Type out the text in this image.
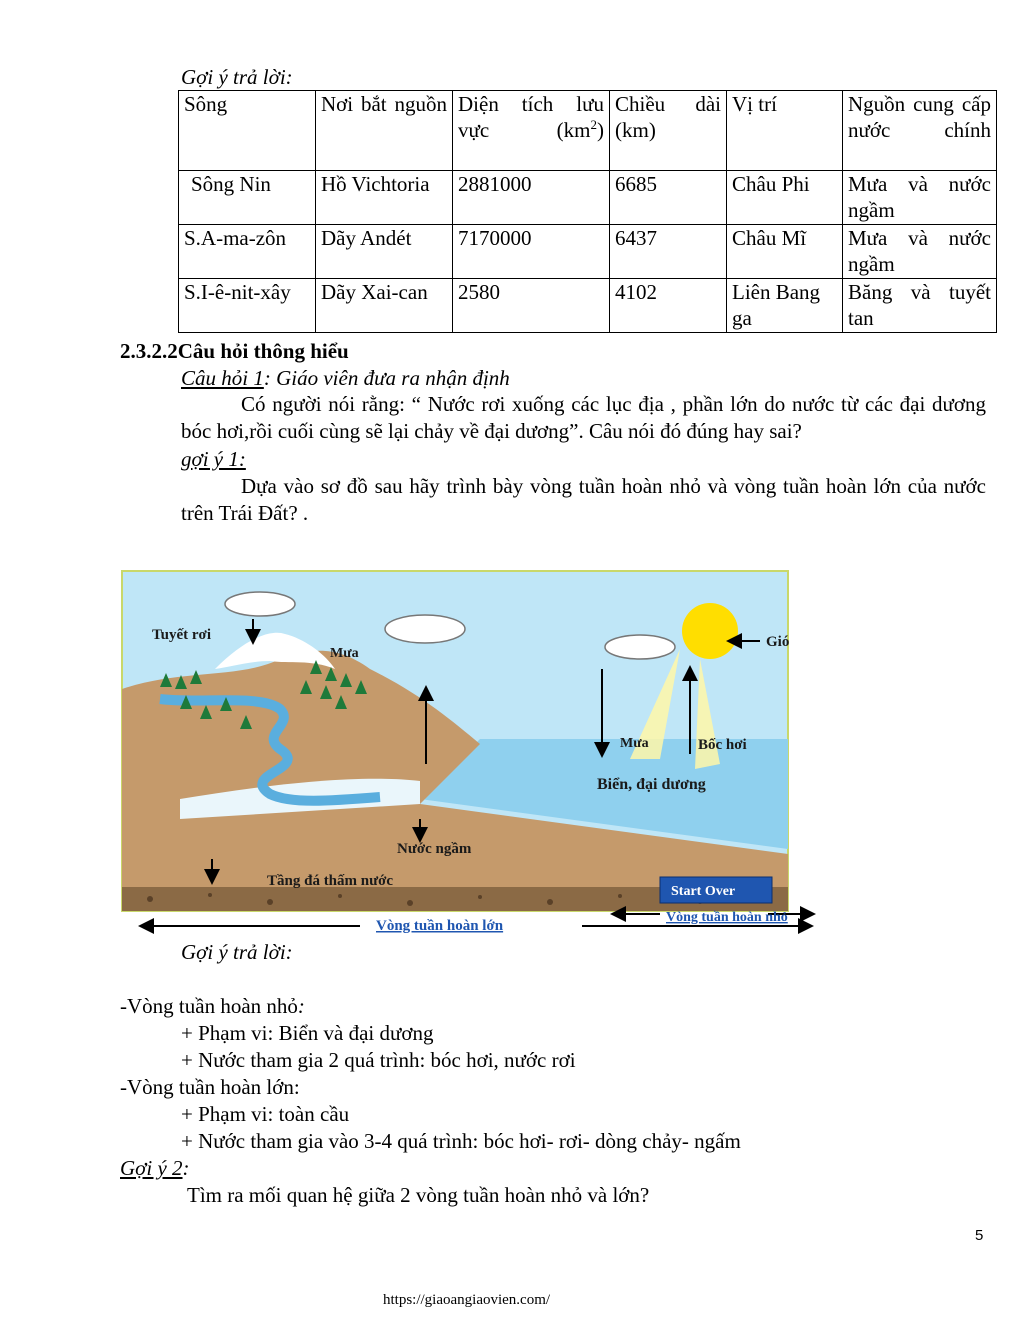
Gợi ý trả lời:
Sông	Nơi bắt nguồn	Diện tích lưu vực $(km^2)$	Chiều dài (km)	Vị trí	Nguồn cung cấp nước chính
Sông Nin	Hồ Vichtoria	2881000	6685	Châu Phi	Mưa và nước ngầm
S.A-ma-zôn	Dãy Andét	7170000	6437	Châu Mĩ	Mưa và nước ngầm
S.I-ê-nit-xây	Dãy Xai-can	2580	4102	Liên Bang ga	Băng và tuyết tan
2.3.2.2Câu hỏi thông hiểu
Câu hỏi 1: Giáo viên đưa ra nhận định
Có người nói rằng: “ Nước rơi xuống các lục địa , phần lớn do nước từ các đại dương bóc hơi,rồi cuối cùng sẽ lại chảy về đại dương”. Câu nói đó đúng hay sai?
gợi ý 1:
Dựa vào sơ đồ sau hãy trình bày vòng tuần hoàn nhỏ và vòng tuần hoàn lớn của nước trên Trái Đất? .
Tuyết rơi
Mưa
Gió
Mưa	Bốc hơi
Biển, đại dương
Nước ngầm
Tầng đá thấm nước
Start Over
Vòng tuần hoàn lớn
Vòng tuần hoàn nhỏ
Gợi ý trả lời:
-Vòng tuần hoàn nhỏ:
+ Phạm vi: Biển và đại dương
+ Nước tham gia 2 quá trình: bóc hơi, nước rơi
-Vòng tuần hoàn lớn:
+ Phạm vi: toàn cầu
+ Nước tham gia vào 3-4 quá trình: bóc hơi- rơi- dòng chảy- ngấm
Gợi ý 2:
Tìm ra mối quan hệ giữa 2 vòng tuần hoàn nhỏ và lớn?
5
https://giaoangiaovien.com/
